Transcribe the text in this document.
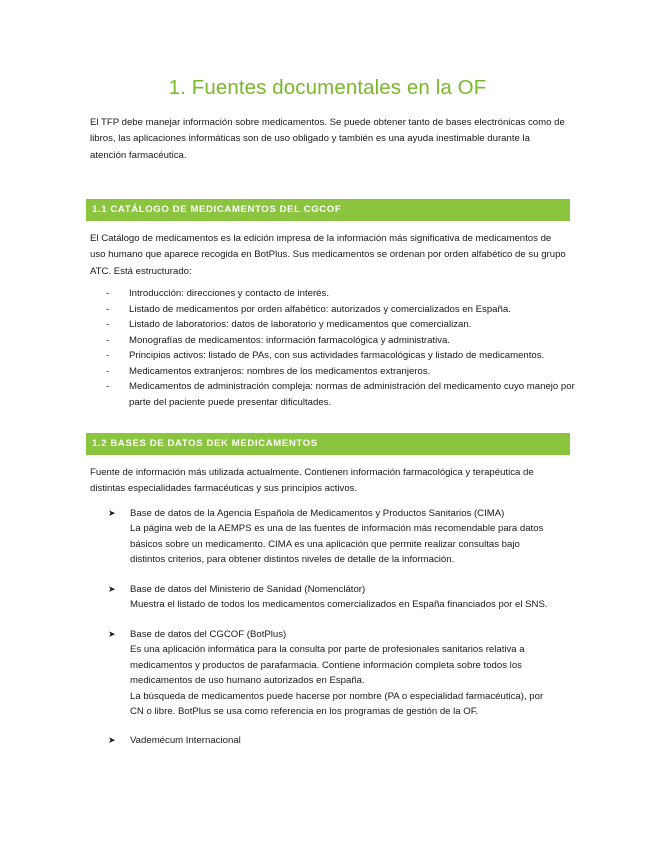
1. Fuentes documentales en la OF

El TFP debe manejar información sobre medicamentos. Se puede obtener tanto de bases electrónicas como de libros, las aplicaciones informáticas son de uso obligado y también es una ayuda inestimable durante la atención farmacéutica.

1.1 CATÁLOGO DE MEDICAMENTOS DEL CGCOF

El Catálogo de medicamentos es la edición impresa de la información más significativa de medicamentos de uso humano que aparece recogida en BotPlus. Sus medicamentos se ordenan por orden alfabético de su grupo ATC. Está estructurado:

- Introducción: direcciones y contacto de interés.
- Listado de medicamentos por orden alfabético: autorizados y comercializados en España.
- Listado de laboratorios: datos de laboratorio y medicamentos que comercializan.
- Monografías de medicamentos: información farmacológica y administrativa.
- Principios activos: listado de PAs, con sus actividades farmacológicas y listado de medicamentos.
- Medicamentos extranjeros: nombres de los medicamentos extranjeros.
- Medicamentos de administración compleja: normas de administración del medicamento cuyo manejo por parte del paciente puede presentar dificultades.
1.2 BASES DE DATOS DEK MEDICAMENTOS

Fuente de información más utilizada actualmente. Contienen información farmacológica y terapéutica de distintas especialidades farmacéuticas y sus principios activos.

➤ Base de datos de la Agencia Española de Medicamentos y Productos Sanitarios (CIMA)
La página web de la AEMPS es una de las fuentes de información más recomendable para datos
básicos sobre un medicamento. CIMA es una aplicación que permite realizar consultas bajo
distintos criterios, para obtener distintos niveles de detalle de la información.
➤ Base de datos del Ministerio de Sanidad (Nomenclátor)
Muestra el listado de todos los medicamentos comercializados en España financiados por el SNS.
➤ Base de datos del CGCOF (BotPlus)
Es una aplicación informática para la consulta por parte de profesionales sanitarios relativa a
medicamentos y productos de parafarmacia. Contiene información completa sobre todos los
medicamentos de uso humano autorizados en España.
La búsqueda de medicamentos puede hacerse por nombre (PA o especialidad farmacéutica), por
CN o libre. BotPlus se usa como referencia en los programas de gestión de la OF.
➤ Vademécum Internacional
